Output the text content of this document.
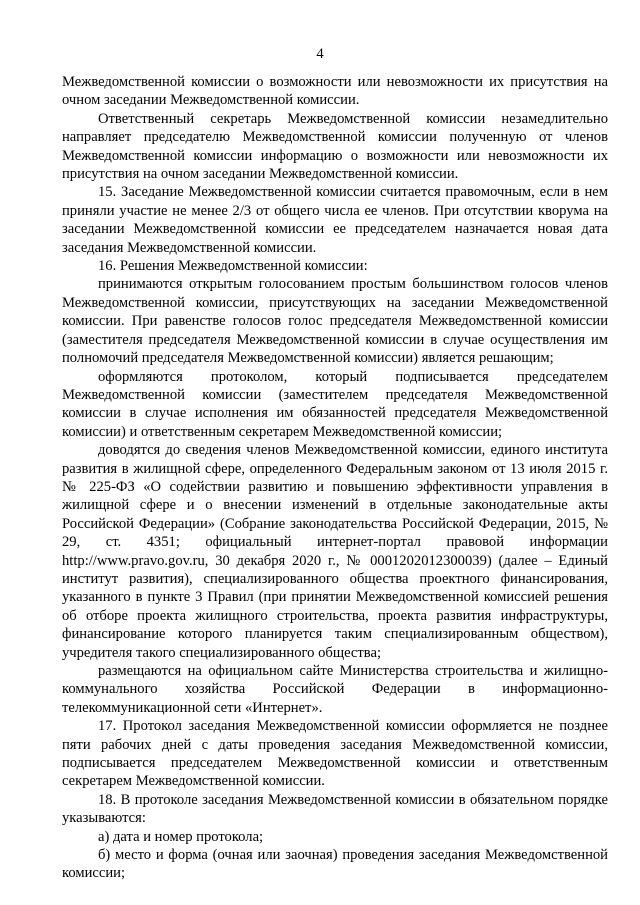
4

Межведомственной комиссии о возможности или невозможности их присутствия на очном заседании Межведомственной комиссии.

Ответственный секретарь Межведомственной комиссии незамедлительно направляет председателю Межведомственной комиссии полученную от членов Межведомственной комиссии информацию о возможности или невозможности их присутствия на очном заседании Межведомственной комиссии.

15. Заседание Межведомственной комиссии считается правомочным, если в нем приняли участие не менее 2/3 от общего числа ее членов. При отсутствии кворума на заседании Межведомственной комиссии ее председателем назначается новая дата заседания Межведомственной комиссии.

16. Решения Межведомственной комиссии:

принимаются открытым голосованием простым большинством голосов членов Межведомственной комиссии, присутствующих на заседании Межведомственной комиссии. При равенстве голосов голос председателя Межведомственной комиссии (заместителя председателя Межведомственной комиссии в случае осуществления им полномочий председателя Межведомственной комиссии) является решающим;

оформляются протоколом, который подписывается председателем Межведомственной комиссии (заместителем председателя Межведомственной комиссии в случае исполнения им обязанностей председателя Межведомственной комиссии) и ответственным секретарем Межведомственной комиссии;

доводятся до сведения членов Межведомственной комиссии, единого института развития в жилищной сфере, определенного Федеральным законом от 13 июля 2015 г. № 225-ФЗ «О содействии развитию и повышению эффективности управления в жилищной сфере и о внесении изменений в отдельные законодательные акты Российской Федерации» (Собрание законодательства Российской Федерации, 2015, № 29, ст. 4351; официальный интернет-портал правовой информации http://www.pravo.gov.ru, 30 декабря 2020 г., № 0001202012300039) (далее – Единый институт развития), специализированного общества проектного финансирования, указанного в пункте 3 Правил (при принятии Межведомственной комиссией решения об отборе проекта жилищного строительства, проекта развития инфраструктуры, финансирование которого планируется таким специализированным обществом), учредителя такого специализированного общества;

размещаются на официальном сайте Министерства строительства и жилищно-коммунального хозяйства Российской Федерации в информационно-телекоммуникационной сети «Интернет».

17. Протокол заседания Межведомственной комиссии оформляется не позднее пяти рабочих дней с даты проведения заседания Межведомственной комиссии, подписывается председателем Межведомственной комиссии и ответственным секретарем Межведомственной комиссии.

18. В протоколе заседания Межведомственной комиссии в обязательном порядке указываются:

а) дата и номер протокола;

б) место и форма (очная или заочная) проведения заседания Межведомственной комиссии;
